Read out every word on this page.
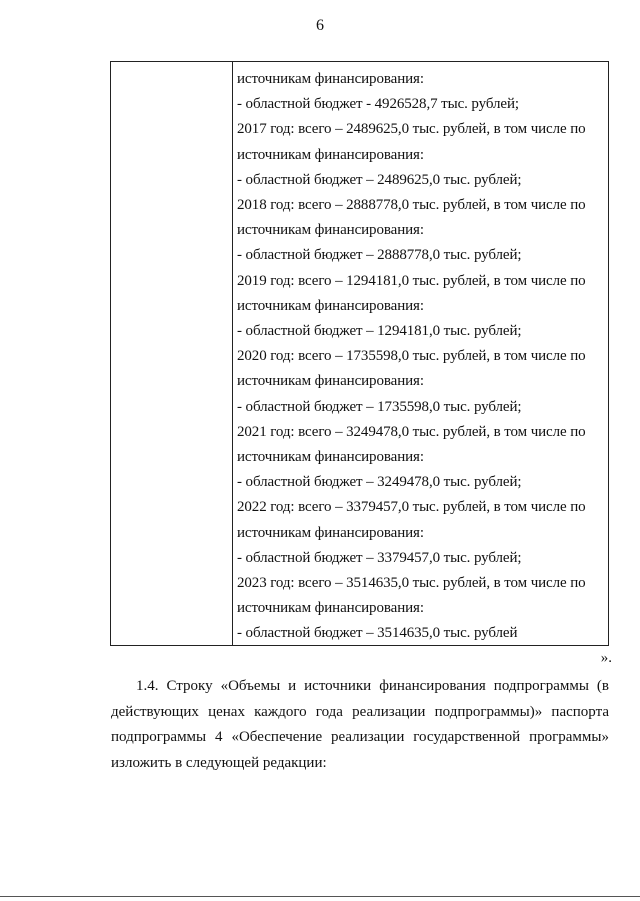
6
источникам финансирования:
- областной бюджет - 4926528,7 тыс. рублей;
2017 год: всего – 2489625,0 тыс. рублей, в том числе по
источникам финансирования:
- областной бюджет – 2489625,0 тыс. рублей;
2018 год: всего – 2888778,0 тыс. рублей, в том числе по
источникам финансирования:
- областной бюджет – 2888778,0 тыс. рублей;
2019 год: всего – 1294181,0 тыс. рублей, в том числе по
источникам финансирования:
- областной бюджет – 1294181,0 тыс. рублей;
2020 год: всего – 1735598,0 тыс. рублей, в том числе по
источникам финансирования:
- областной бюджет – 1735598,0 тыс. рублей;
2021 год: всего – 3249478,0 тыс. рублей, в том числе по
источникам финансирования:
- областной бюджет – 3249478,0 тыс. рублей;
2022 год: всего – 3379457,0 тыс. рублей, в том числе по
источникам финансирования:
- областной бюджет – 3379457,0 тыс. рублей;
2023 год: всего – 3514635,0 тыс. рублей, в том числе по
источникам финансирования:
- областной бюджет – 3514635,0 тыс. рублей
».
1.4. Строку «Объемы и источники финансирования подпрограммы (в
действующих ценах каждого года реализации подпрограммы)» паспорта
подпрограммы 4 «Обеспечение реализации государственной программы»
изложить в следующей редакции:
